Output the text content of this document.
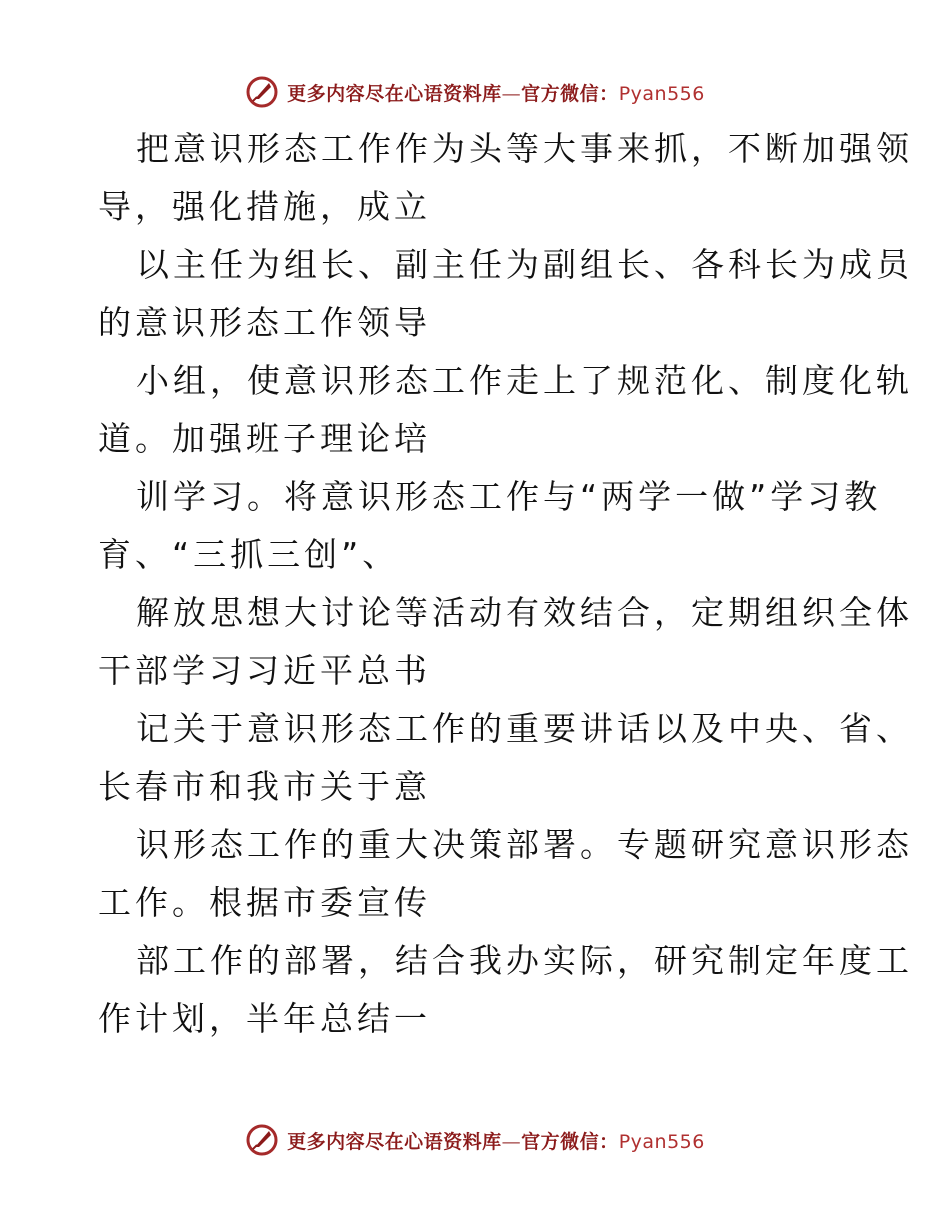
更多内容尽在心语资料库—官方微信：Pyan556

把意识形态工作作为头等大事来抓，不断加强领
导，强化措施，成立

以主任为组长、副主任为副组长、各科长为成员
的意识形态工作领导

小组，使意识形态工作走上了规范化、制度化轨
道。加强班子理论培

训学习。将意识形态工作与“两学一做”学习教
育、“三抓三创”、

解放思想大讨论等活动有效结合，定期组织全体
干部学习习近平总书

记关于意识形态工作的重要讲话以及中央、省、
长春市和我市关于意

识形态工作的重大决策部署。专题研究意识形态
工作。根据市委宣传

部工作的部署，结合我办实际，研究制定年度工
作计划，半年总结一

更多内容尽在心语资料库—官方微信：Pyan556
